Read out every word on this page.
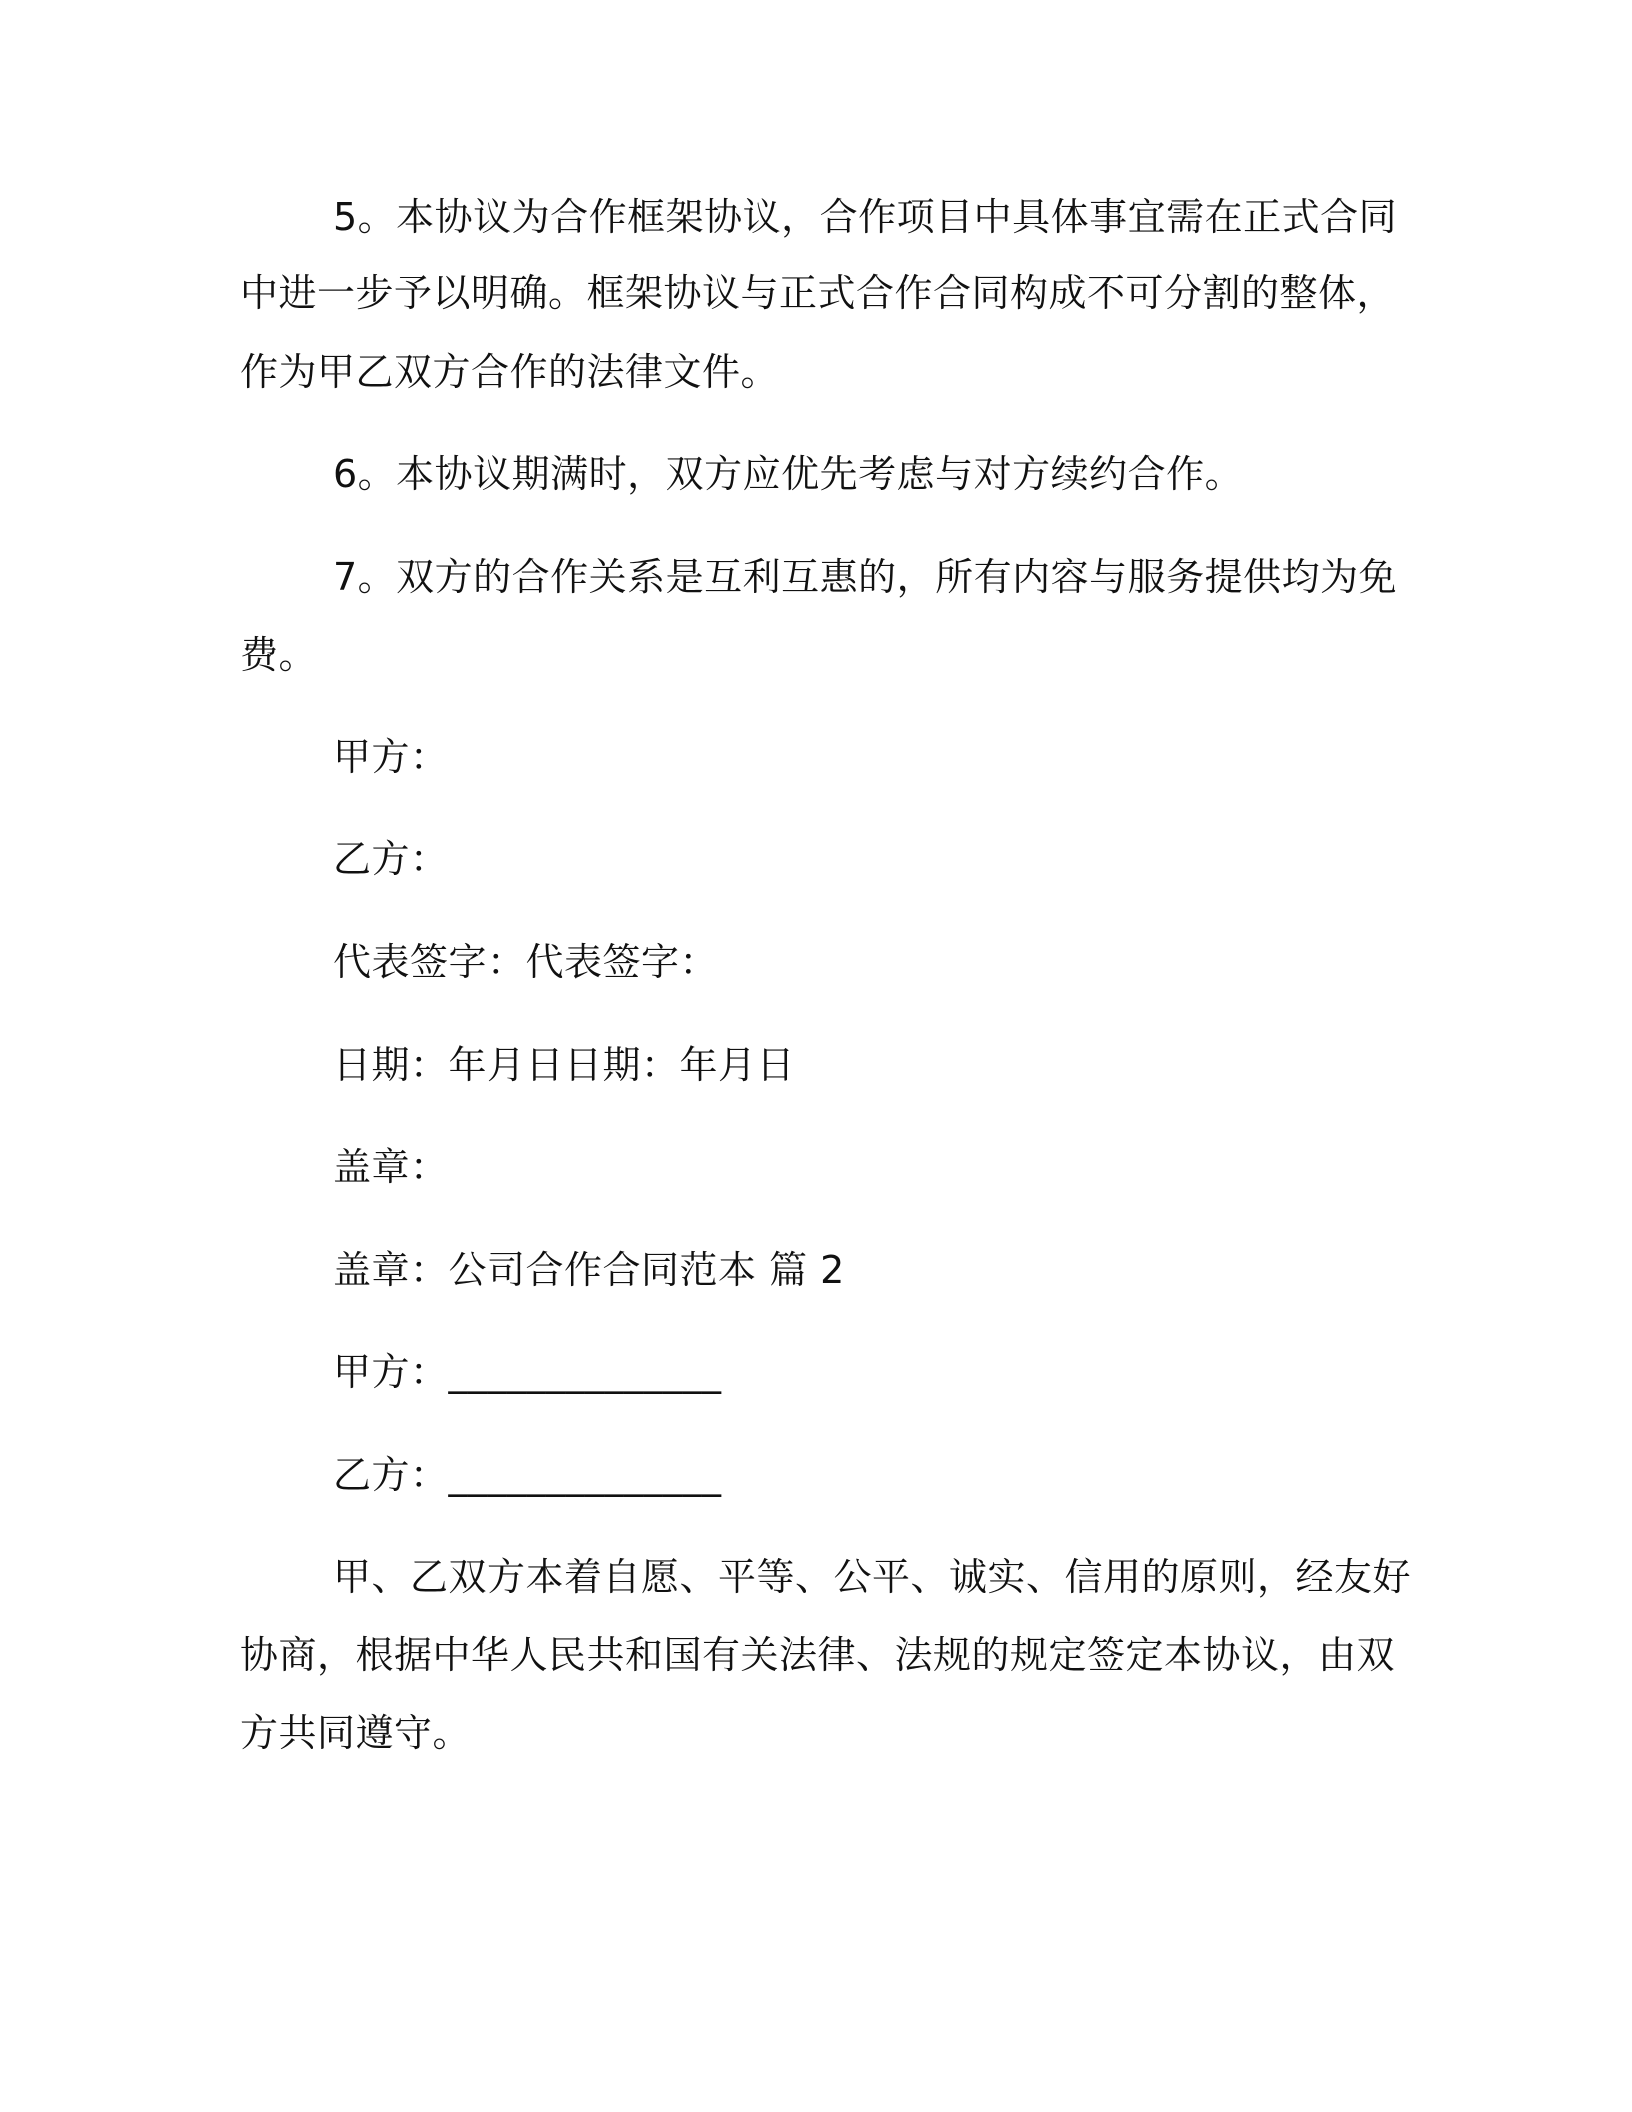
5。本协议为合作框架协议，合作项目中具体事宜需在正式合同
中进一步予以明确。框架协议与正式合作合同构成不可分割的整体，
作为甲乙双方合作的法律文件。
6。本协议期满时，双方应优先考虑与对方续约合作。
7。双方的合作关系是互利互惠的，所有内容与服务提供均为免
费。
甲方：
乙方：
代表签字：代表签字：
日期：年月日日期：年月日
盖章：
盖章：公司合作合同范本 篇 2
甲方：______________
乙方：______________
甲、乙双方本着自愿、平等、公平、诚实、信用的原则，经友好
协商，根据中华人民共和国有关法律、法规的规定签定本协议，由双
方共同遵守。
